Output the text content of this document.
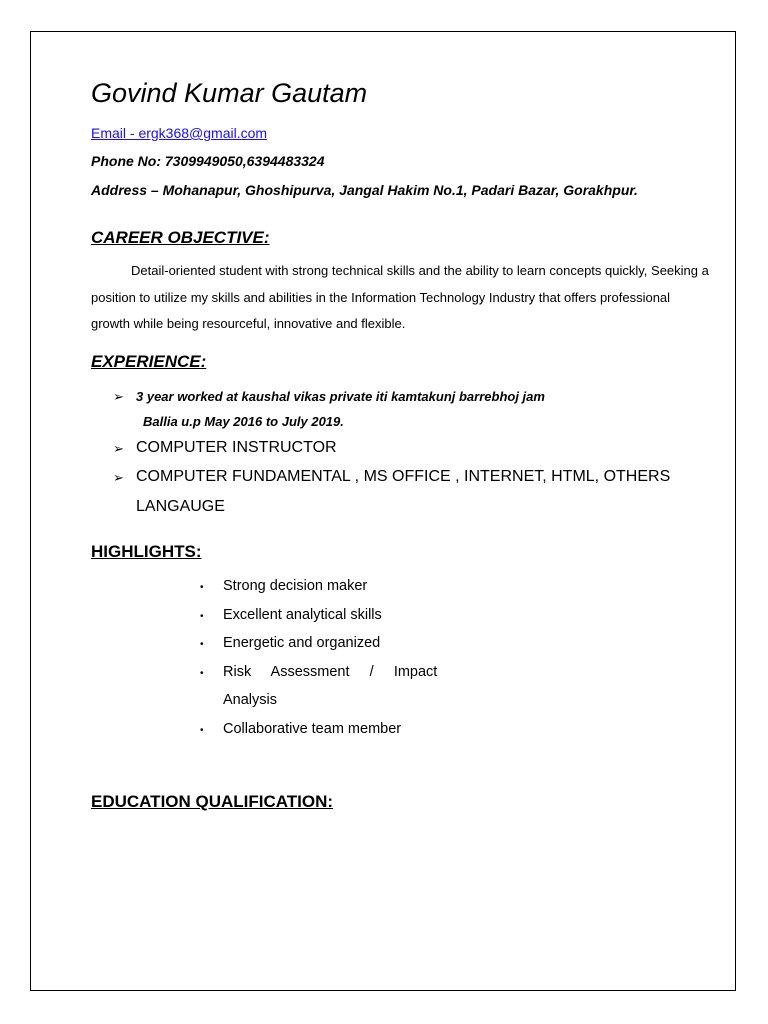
Govind Kumar Gautam
Email - ergk368@gmail.com
Phone No: 7309949050,6394483324
Address – Mohanapur, Ghoshipurva, Jangal Hakim No.1, Padari Bazar, Gorakhpur.
CAREER OBJECTIVE:
Detail-oriented student with strong technical skills and the ability to learn concepts quickly, Seeking a position to utilize my skills and abilities in the Information Technology Industry that offers professional growth while being resourceful, innovative and flexible.
EXPERIENCE:
➢ 3 year worked at kaushal vikas private iti kamtakunj barrebhoj jam
Ballia u.p May 2016 to July 2019.
➢ COMPUTER INSTRUCTOR
➢ COMPUTER FUNDAMENTAL , MS OFFICE , INTERNET, HTML, OTHERS
LANGAUGE
HIGHLIGHTS:
• Strong decision maker
• Excellent analytical skills
• Energetic and organized
• Risk     Assessment     /     Impact
Analysis
• Collaborative team member
EDUCATION QUALIFICATION:
